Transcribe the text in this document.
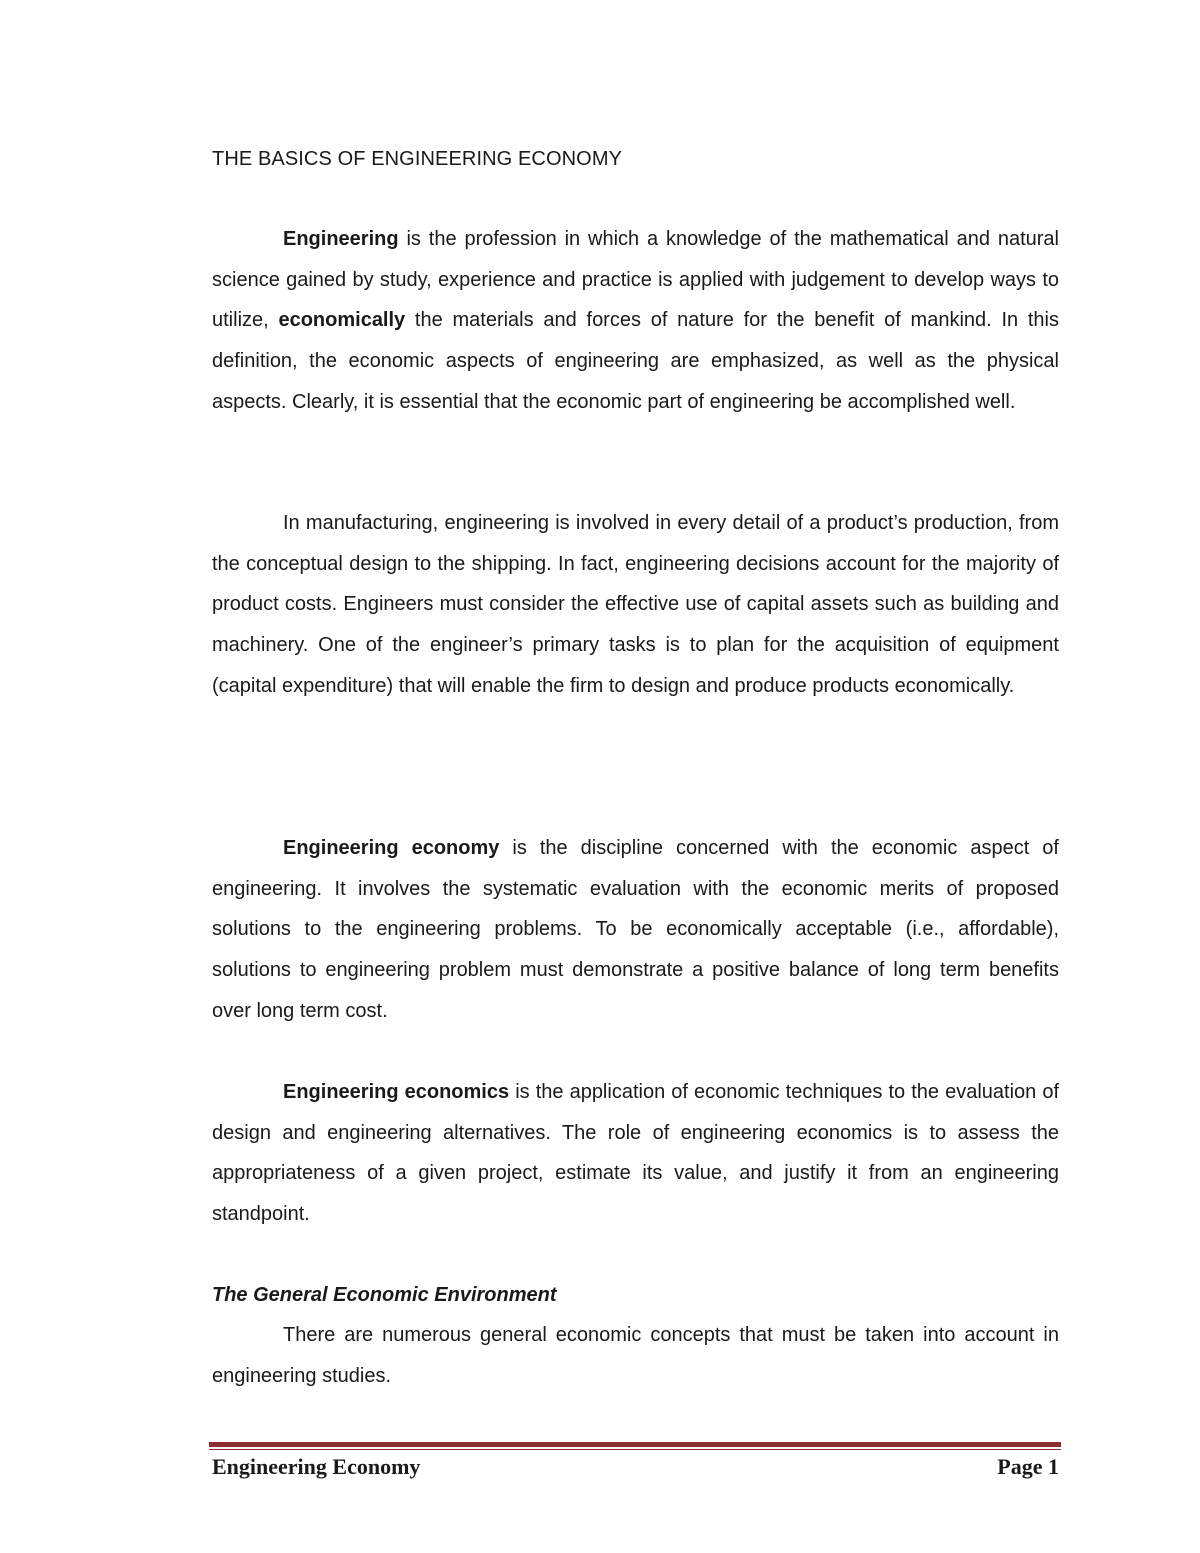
THE BASICS OF ENGINEERING ECONOMY

Engineering is the profession in which a knowledge of the mathematical and natural science gained by study, experience and practice is applied with judgement to develop ways to utilize, economically the materials and forces of nature for the benefit of mankind. In this definition, the economic aspects of engineering are emphasized, as well as the physical aspects. Clearly, it is essential that the economic part of engineering be accomplished well.

In manufacturing, engineering is involved in every detail of a product’s production, from the conceptual design to the shipping. In fact, engineering decisions account for the majority of product costs. Engineers must consider the effective use of capital assets such as building and machinery. One of the engineer’s primary tasks is to plan for the acquisition of equipment (capital expenditure) that will enable the firm to design and produce products economically.

Engineering economy is the discipline concerned with the economic aspect of engineering. It involves the systematic evaluation with the economic merits of proposed solutions to the engineering problems. To be economically acceptable (i.e., affordable), solutions to engineering problem must demonstrate a positive balance of long term benefits over long term cost.

Engineering economics is the application of economic techniques to the evaluation of design and engineering alternatives. The role of engineering economics is to assess the appropriateness of a given project, estimate its value, and justify it from an engineering standpoint.

The General Economic Environment

There are numerous general economic concepts that must be taken into account in engineering studies.

Engineering Economy	Page 1
